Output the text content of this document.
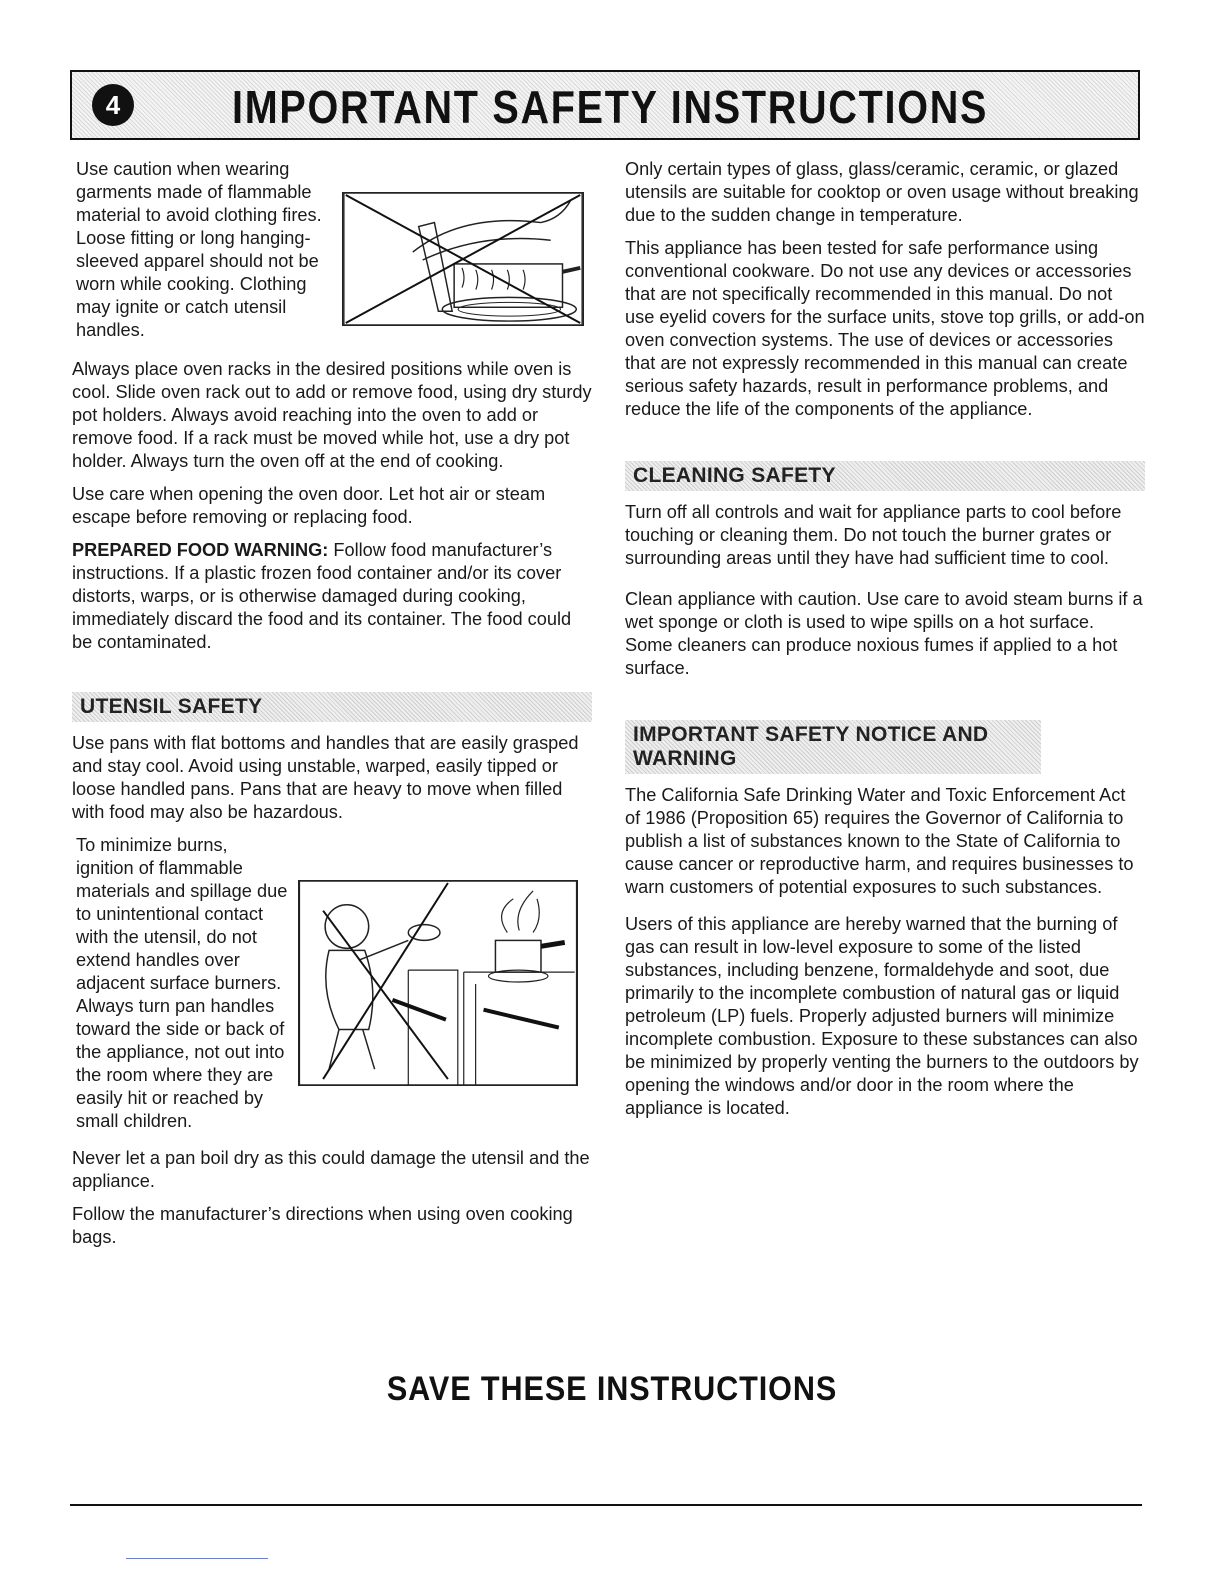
4 IMPORTANT SAFETY INSTRUCTIONS

Use caution when wearing garments made of flammable material to avoid clothing fires. Loose fitting or long hanging-sleeved apparel should not be worn while cooking. Clothing may ignite or catch utensil handles.

Always place oven racks in the desired positions while oven is cool. Slide oven rack out to add or remove food, using dry sturdy pot holders. Always avoid reaching into the oven to add or remove food. If a rack must be moved while hot, use a dry pot holder. Always turn the oven off at the end of cooking.

Use care when opening the oven door. Let hot air or steam escape before removing or replacing food.

PREPARED FOOD WARNING: Follow food manufacturer’s instructions. If a plastic frozen food container and/or its cover distorts, warps, or is otherwise damaged during cooking, immediately discard the food and its container. The food could be contaminated.

UTENSIL SAFETY

Use pans with flat bottoms and handles that are easily grasped and stay cool. Avoid using unstable, warped, easily tipped or loose handled pans. Pans that are heavy to move when filled with food may also be hazardous.

To minimize burns, ignition of flammable materials and spillage due to unintentional contact with the utensil, do not extend handles over adjacent surface burners. Always turn pan handles toward the side or back of the appliance, not out into the room where they are easily hit or reached by small children.

Never let a pan boil dry as this could damage the utensil and the appliance.

Follow the manufacturer’s directions when using oven cooking bags.

Only certain types of glass, glass/ceramic, ceramic, or glazed utensils are suitable for cooktop or oven usage without breaking due to the sudden change in temperature.

This appliance has been tested for safe performance using conventional cookware. Do not use any devices or accessories that are not specifically recommended in this manual. Do not use eyelid covers for the surface units, stove top grills, or add-on oven convection systems. The use of devices or accessories that are not expressly recommended in this manual can create serious safety hazards, result in performance problems, and reduce the life of the components of the appliance.

CLEANING SAFETY

Turn off all controls and wait for appliance parts to cool before touching or cleaning them. Do not touch the burner grates or surrounding areas until they have had sufficient time to cool.

Clean appliance with caution. Use care to avoid steam burns if a wet sponge or cloth is used to wipe spills on a hot surface. Some cleaners can produce noxious fumes if applied to a hot surface.

IMPORTANT SAFETY NOTICE AND WARNING

The California Safe Drinking Water and Toxic Enforcement Act of 1986 (Proposition 65) requires the Governor of California to publish a list of substances known to the State of California to cause cancer or reproductive harm, and requires businesses to warn customers of potential exposures to such substances.

Users of this appliance are hereby warned that the burning of gas can result in low-level exposure to some of the listed substances, including benzene, formaldehyde and soot, due primarily to the incomplete combustion of natural gas or liquid petroleum (LP) fuels. Properly adjusted burners will minimize incomplete combustion. Exposure to these substances can also be minimized by properly venting the burners to the outdoors by opening the windows and/or door in the room where the appliance is located.

SAVE THESE INSTRUCTIONS
